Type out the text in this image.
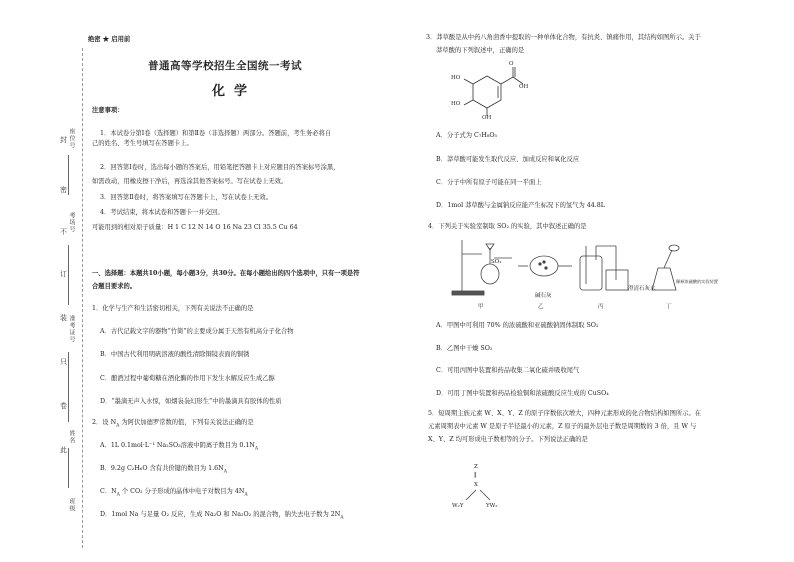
绝密 ★ 启用前
封
密
不
订
装
只
卷
此
座位号
考场号
准考证号
姓名
班级
普通高等学校招生全国统一考试
化  学
注意事项：
1．本试卷分第Ⅰ卷（选择题）和第Ⅱ卷（非选择题）两部分。答题前，考生务必将自
己的姓名、考生号填写在答题卡上。
2．回答第Ⅰ卷时，选出每小题的答案后，用铅笔把答题卡上对应题目的答案标号涂黑，
如需改动，用橡皮擦干净后，再选涂其他答案标号。写在试卷上无效。
3．回答第Ⅱ卷时，将答案填写在答题卡上，写在试卷上无效。
4．考试结束，将本试卷和答题卡一并交回。
可能用到的相对原子质量：H 1 C 12 N 14 O 16 Na 23 Cl 35.5 Cu 64
一、选择题：本题共10小题，每小题3分，共30分。在每小题给出的四个选项中，只有一项是符
合题目要求的。
1．化学与生产和生活密切相关，下列有关说法不正确的是
A．古代记载文字的器物“竹简”的主要成分属于天然有机高分子化合物
B．中国古代利用明矾溶液的酸性清除铜镜表面的铜锈
C．酿酒过程中葡萄糖在酒化酶的作用下发生水解反应生成乙醇
D．“墨滴无声入水惊，如烟袅袅幻形生”中的墨滴具有胶体的性质
2．设 $N_A$ 为阿伏加德罗常数的值，下列有关说法正确的是
A．1L 0.1mol·L⁻¹ Na₂SO₃溶液中阴离子数目为 $0.1N_A$
B．9.2g C₂H₆O 含有共价键的数目为 $1.6N_A$
C．$N_A$ 个 CO₂ 分子形成的晶体中电子对数目为 $4N_A$
D．1mol Na 与足量 O₂ 反应，生成 Na₂O 和 Na₂O₂ 的混合物，钠失去电子数为 $2N_A$
3．莽草酸是从中药八角茴香中提取的一种单体化合物，有抗炎、镇痛作用，其结构如图所示。关于
莽草酸的下列叙述中，正确的是
HO
HO
O
OH
OH
A．分子式为 C₇H₈O₅
B．莽草酸可能发生取代反应、加成反应和氧化反应
C．分子中所有原子可能在同一平面上
D．1mol 莽草酸与金属钠反应能产生标况下的氢气为 44.8L
4．下列关于实验室制取 SO₂ 的实验，其中叙述正确的是
SO₂
碱石灰
澄清石灰水
稀释浓硫酸的实验装置
甲	乙	丙	丁
A．甲图中可利用 70% 的浓硫酸和亚硫酸钠固体制取 SO₂
B．乙图中干燥 SO₂
C．可用丙图中装置和药品收集二氧化硫并吸收尾气
D．可用丁图中装置和药品检验铜和浓硫酸反应生成的 CuSO₄
5．短周期主族元素 W、X、Y、Z 的原子序数依次增大，四种元素形成的化合物结构如图所示。在
元素周期表中元素 W 是原子半径最小的元素，Z 原子的最外层电子数是周期数的 3 倍，且 W 与
X、Y、Z 均可形成电子数相等的分子。下列说法正确的是
Z
‖
X
W₂Y	YW₂
